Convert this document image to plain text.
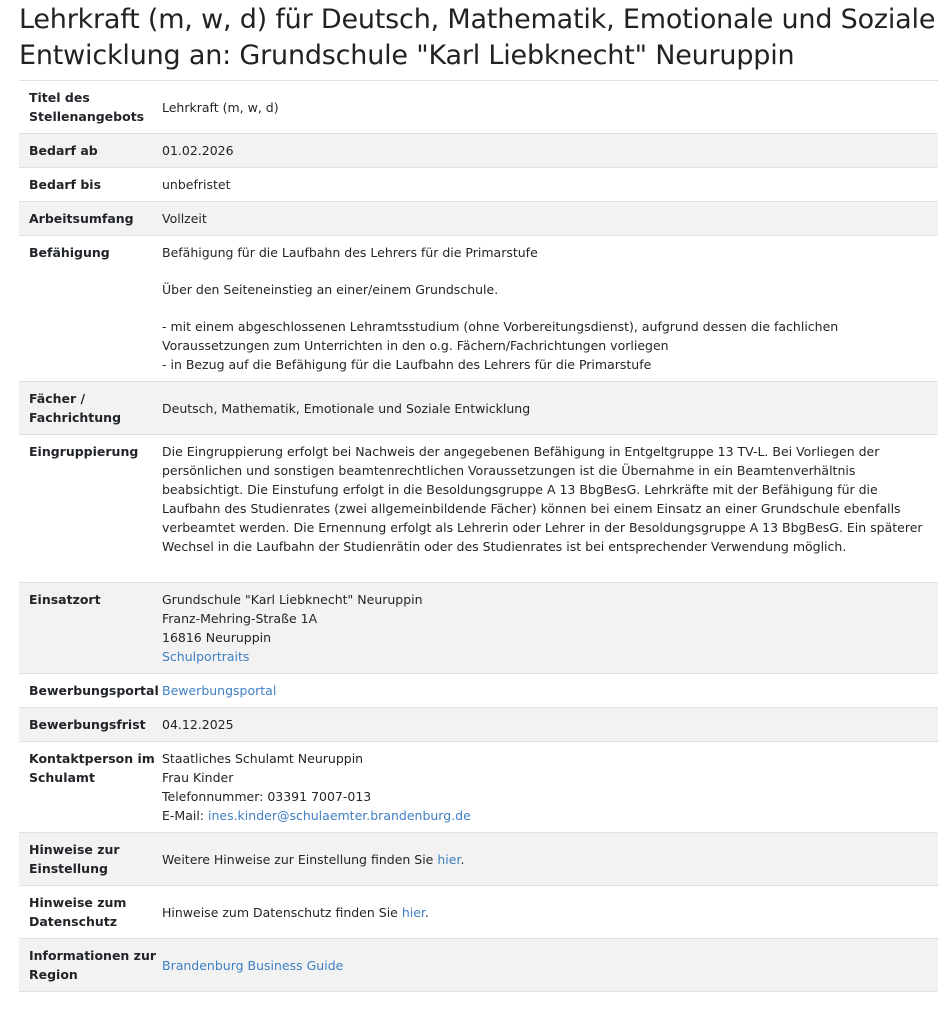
Lehrkraft (m, w, d) für Deutsch, Mathematik, Emotionale und Soziale Entwicklung an: Grundschule "Karl Liebknecht" Neuruppin
Titel des Stellenangebots	Lehrkraft (m, w, d)
Bedarf ab	01.02.2026
Bedarf bis	unbefristet
Arbeitsumfang	Vollzeit
Befähigung	Befähigung für die Laufbahn des Lehrers für die Primarstufe
Über den Seiteneinstieg an einer/einem Grundschule.
- mit einem abgeschlossenen Lehramtsstudium (ohne Vorbereitungsdienst), aufgrund dessen die fachlichen Voraussetzungen zum Unterrichten in den o.g. Fächern/Fachrichtungen vorliegen
- in Bezug auf die Befähigung für die Laufbahn des Lehrers für die Primarstufe

Fächer / Fachrichtung	Deutsch, Mathematik, Emotionale und Soziale Entwicklung
Eingruppierung	Die Eingruppierung erfolgt bei Nachweis der angegebenen Befähigung in Entgeltgruppe 13 TV-L. Bei Vorliegen der persönlichen und sonstigen beamtenrechtlichen Voraussetzungen ist die Übernahme in ein Beamtenverhältnis beabsichtigt. Die Einstufung erfolgt in die Besoldungsgruppe A 13 BbgBesG. Lehrkräfte mit der Befähigung für die Laufbahn des Studienrates (zwei allgemeinbildende Fächer) können bei einem Einsatz an einer Grundschule ebenfalls verbeamtet werden. Die Ernennung erfolgt als Lehrerin oder Lehrer in der Besoldungsgruppe A 13 BbgBesG. Ein späterer Wechsel in die Laufbahn der Studienrätin oder des Studienrates ist bei entsprechender Verwendung möglich.
Einsatzort	Grundschule "Karl Liebknecht" Neuruppin
Franz-Mehring-Straße 1A
16816 Neuruppin
Schulportraits

Bewerbungsportal	Bewerbungsportal
Bewerbungsfrist	04.12.2025
Kontaktperson im Schulamt	Staatliches Schulamt Neuruppin
Frau Kinder
Telefonnummer: 03391 7007-013
E-Mail: ines.kinder@schulaemter.brandenburg.de

Hinweise zur Einstellung	Weitere Hinweise zur Einstellung finden Sie hier.
Hinweise zum Datenschutz	Hinweise zum Datenschutz finden Sie hier.
Informationen zur Region	Brandenburg Business Guide
